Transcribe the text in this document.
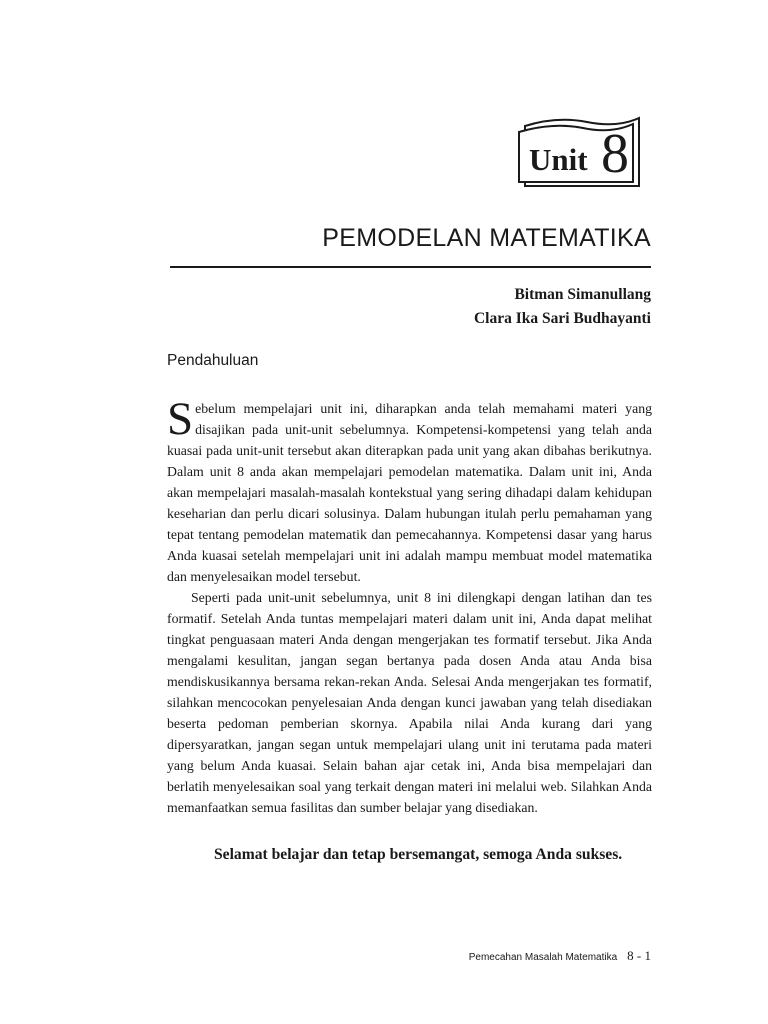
Unit 8
PEMODELAN MATEMATIKA
Bitman Simanullang
Clara Ika Sari Budhayanti
Pendahuluan

Sebelum mempelajari unit ini, diharapkan anda telah memahami materi yang disajikan pada unit-unit sebelumnya. Kompetensi-kompetensi yang telah anda kuasai pada unit-unit tersebut akan diterapkan pada unit yang akan dibahas berikutnya. Dalam unit 8 anda akan mempelajari pemodelan matematika. Dalam unit ini, Anda akan mempelajari masalah-masalah kontekstual yang sering dihadapi dalam kehidupan keseharian dan perlu dicari solusinya. Dalam hubungan itulah perlu pemahaman yang tepat tentang pemodelan matematik dan pemecahannya. Kompetensi dasar yang harus Anda kuasai setelah mempelajari unit ini adalah mampu membuat model matematika dan menyelesaikan model tersebut.

Seperti pada unit-unit sebelumnya, unit 8 ini dilengkapi dengan latihan dan tes formatif. Setelah Anda tuntas mempelajari materi dalam unit ini, Anda dapat melihat tingkat penguasaan materi Anda dengan mengerjakan tes formatif tersebut. Jika Anda mengalami kesulitan, jangan segan bertanya pada dosen Anda atau Anda bisa mendiskusikannya bersama rekan-rekan Anda. Selesai Anda mengerjakan tes formatif, silahkan mencocokan penyelesaian Anda dengan kunci jawaban yang telah disediakan beserta pedoman pemberian skornya. Apabila nilai Anda kurang dari yang dipersyaratkan, jangan segan untuk mempelajari ulang unit ini terutama pada materi yang belum Anda kuasai. Selain bahan ajar cetak ini, Anda bisa mempelajari dan berlatih menyelesaikan soal yang terkait dengan materi ini melalui web. Silahkan Anda memanfaatkan semua fasilitas dan sumber belajar yang disediakan.

Selamat belajar dan tetap bersemangat, semoga Anda sukses.
Pemecahan Masalah Matematika 8 - 1
